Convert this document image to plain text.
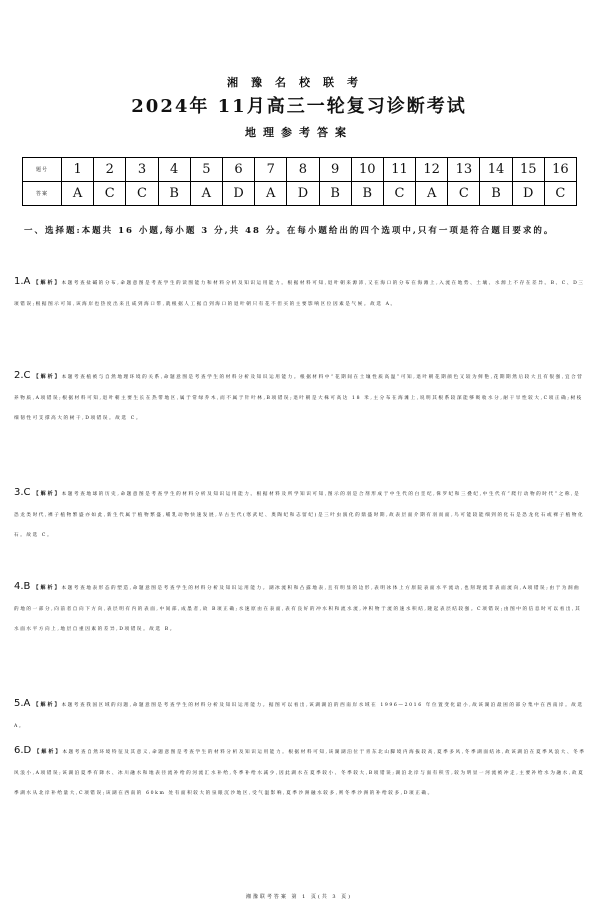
湘豫名校联考
2024年 11月高三一轮复习诊断考试
地理参考答案
题号	1	2	3	4	5	6	7	8	9	10	11	12	13	14	15	16
答案	A	C	C	B	A	D	A	D	B	B	C	A	C	B	D	C
一、选择题:本题共 16 小题,每小题 3 分,共 48 分。在每小题给出的四个选项中,只有一项是符合题目要求的。
1.A 【解析】本题考查盐碱的分布,命题意图是考查学生的读图能力和材料分析及知识运用能力。根据材料可知,退叶朝来源沛,又在海口的分布在海滩上,入流在地势、土壤、水源上不存在差异。B、C、D三项错误;根据图示可知,该海岸也热度出来且咸到海口带,就根据人工据自到海口的退叶朝只有花不但买的主要影响区位因素是气候。故选 A。
2.C 【解析】本题考查植被与自然地理环境的关系,命题意图是考查学生的材料分析及知识运用能力。根据材料中“花期间在土壤性质高温”可知,退叶朝花期颜色又较为鲜艳,花期期然后较大且有很强,宜合营养物质,A项错误;根据材料可知,退叶朝主要生长在热带地区,属于常绿乔木,而不属于针叶林,B项错误;退叶朝是大株可高达 18 米,主分布在海滩上,说明其根系较深能够吸收水分,耐干旱性较大,C项正确;树枝细韧性可支撑高大的树干,D项错误。故选 C。
3.C 【解析】本题考查地球的历史,命题意图是考查学生的材料分析及知识运用能力。根据材料及所学知识可知,图示的羽是合剂形成于中生代的白垩纪,侏罗纪和三叠纪,中生代有“爬行动物的时代”之称,是恐龙类时代,裸子植物繁盛亦如此,新生代属于植物繁盛,哺乳动物快速发展,早古生代(寒武纪、奥陶纪和志留纪)是三叶虫演化的鼎盛时期,故表层面介期有羽而面,鸟可能较能细到的化石是恐龙化石或裸子植物化石。故选 C。
4.B 【解析】本题考查地表形态的塑造,命题意图是考查学生的材料分析及知识运用能力。湖冰流积和凸露地表,且有明显的边形,表明冰体上方原院表面水平流动,也刻现流非表面流向,A项错误;由于为洞曲的地的一部分,向前者自向下方向,表层明有内的表面,中间部,成墨者,故 B项正确;水速原由在表面,表有良好的冲水积和流水流,冲积物于流的速水积结,隆起表层结较强。C项错误;由图中的信息时可以看出,其水面水平方向上,地层自重因素的差异,D项错误。故选 B。
5.A 【解析】本题考查我国区域的问题,命题意图是考查学生的材料分析及知识运用能力。据图可以看出,该湖湖泊的西南岸水域在 1996—2016 年位置变化最小,故该湖泊最困的部分集中在西南岸。故选 A。
6.D 【解析】本题考查自然环境特征及其意义,命题意图是考查学生的材料分析及知识运用能力。根据材料可知,该湖湖泊位于青东北山脚境内海拔较高,夏季多风,冬季湖面结冰,故该湖泊在夏季风浪大、冬季风浪小,A项错误;该湖泊夏季有降水、冰川融水和地表径流补给的河流汇水补给,冬季补给水减少,因此湖水在夏季较小、冬季较大,B项错误;湖泊北岸与面有积雪,较为明显一河流被冲走,主要补给水为融水,故夏季湖水从北岸补给量大,C项错误;该湖在西南的 60km 处有面积较大的泉眼沉沙地区,受气温影响,夏季沙洲融水较多,则冬季沙洲的补给较多,D项正确。
湘豫联考答案 第 1 页(共 3 页)
